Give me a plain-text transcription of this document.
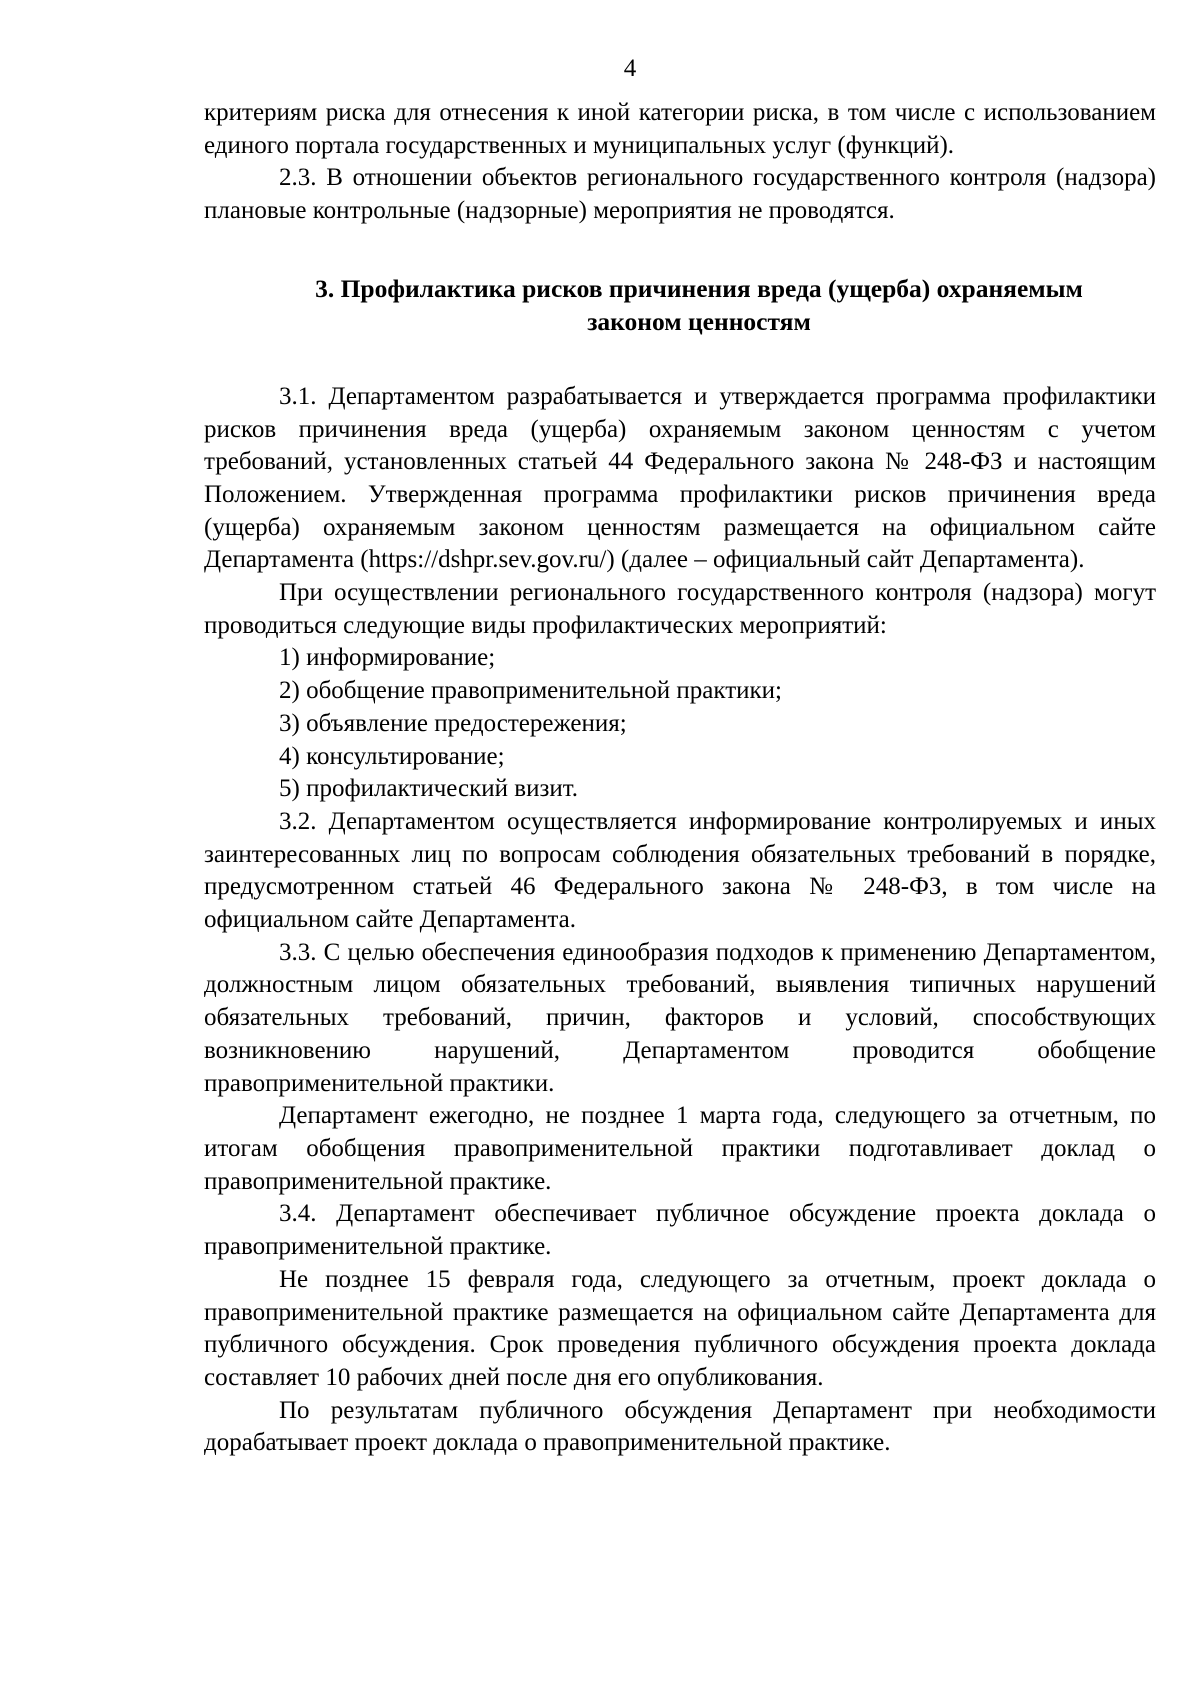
4

критериям риска для отнесения к иной категории риска, в том числе с использованием единого портала государственных и муниципальных услуг (функций).

2.3. В отношении объектов регионального государственного контроля (надзора) плановые контрольные (надзорные) мероприятия не проводятся.

3. Профилактика рисков причинения вреда (ущерба) охраняемым
законом ценностям

3.1. Департаментом разрабатывается и утверждается программа профилактики рисков причинения вреда (ущерба) охраняемым законом ценностям с учетом требований, установленных статьей 44 Федерального закона № 248-ФЗ и настоящим Положением. Утвержденная программа профилактики рисков причинения вреда (ущерба) охраняемым законом ценностям размещается на официальном сайте Департамента (https://dshpr.sev.gov.ru/) (далее – официальный сайт Департамента).

При осуществлении регионального государственного контроля (надзора) могут проводиться следующие виды профилактических мероприятий:

1) информирование;

2) обобщение правоприменительной практики;

3) объявление предостережения;

4) консультирование;

5) профилактический визит.

3.2. Департаментом осуществляется информирование контролируемых и иных заинтересованных лиц по вопросам соблюдения обязательных требований в порядке, предусмотренном статьей 46 Федерального закона № 248-ФЗ, в том числе на официальном сайте Департамента.

3.3. С целью обеспечения единообразия подходов к применению Департаментом, должностным лицом обязательных требований, выявления типичных нарушений обязательных требований, причин, факторов и условий, способствующих возникновению нарушений, Департаментом проводится обобщение правоприменительной практики.

Департамент ежегодно, не позднее 1 марта года, следующего за отчетным, по итогам обобщения правоприменительной практики подготавливает доклад о правоприменительной практике.

3.4. Департамент обеспечивает публичное обсуждение проекта доклада о правоприменительной практике.

Не позднее 15 февраля года, следующего за отчетным, проект доклада о правоприменительной практике размещается на официальном сайте Департамента для публичного обсуждения. Срок проведения публичного обсуждения проекта доклада составляет 10 рабочих дней после дня его опубликования.

По результатам публичного обсуждения Департамент при необходимости дорабатывает проект доклада о правоприменительной практике.
